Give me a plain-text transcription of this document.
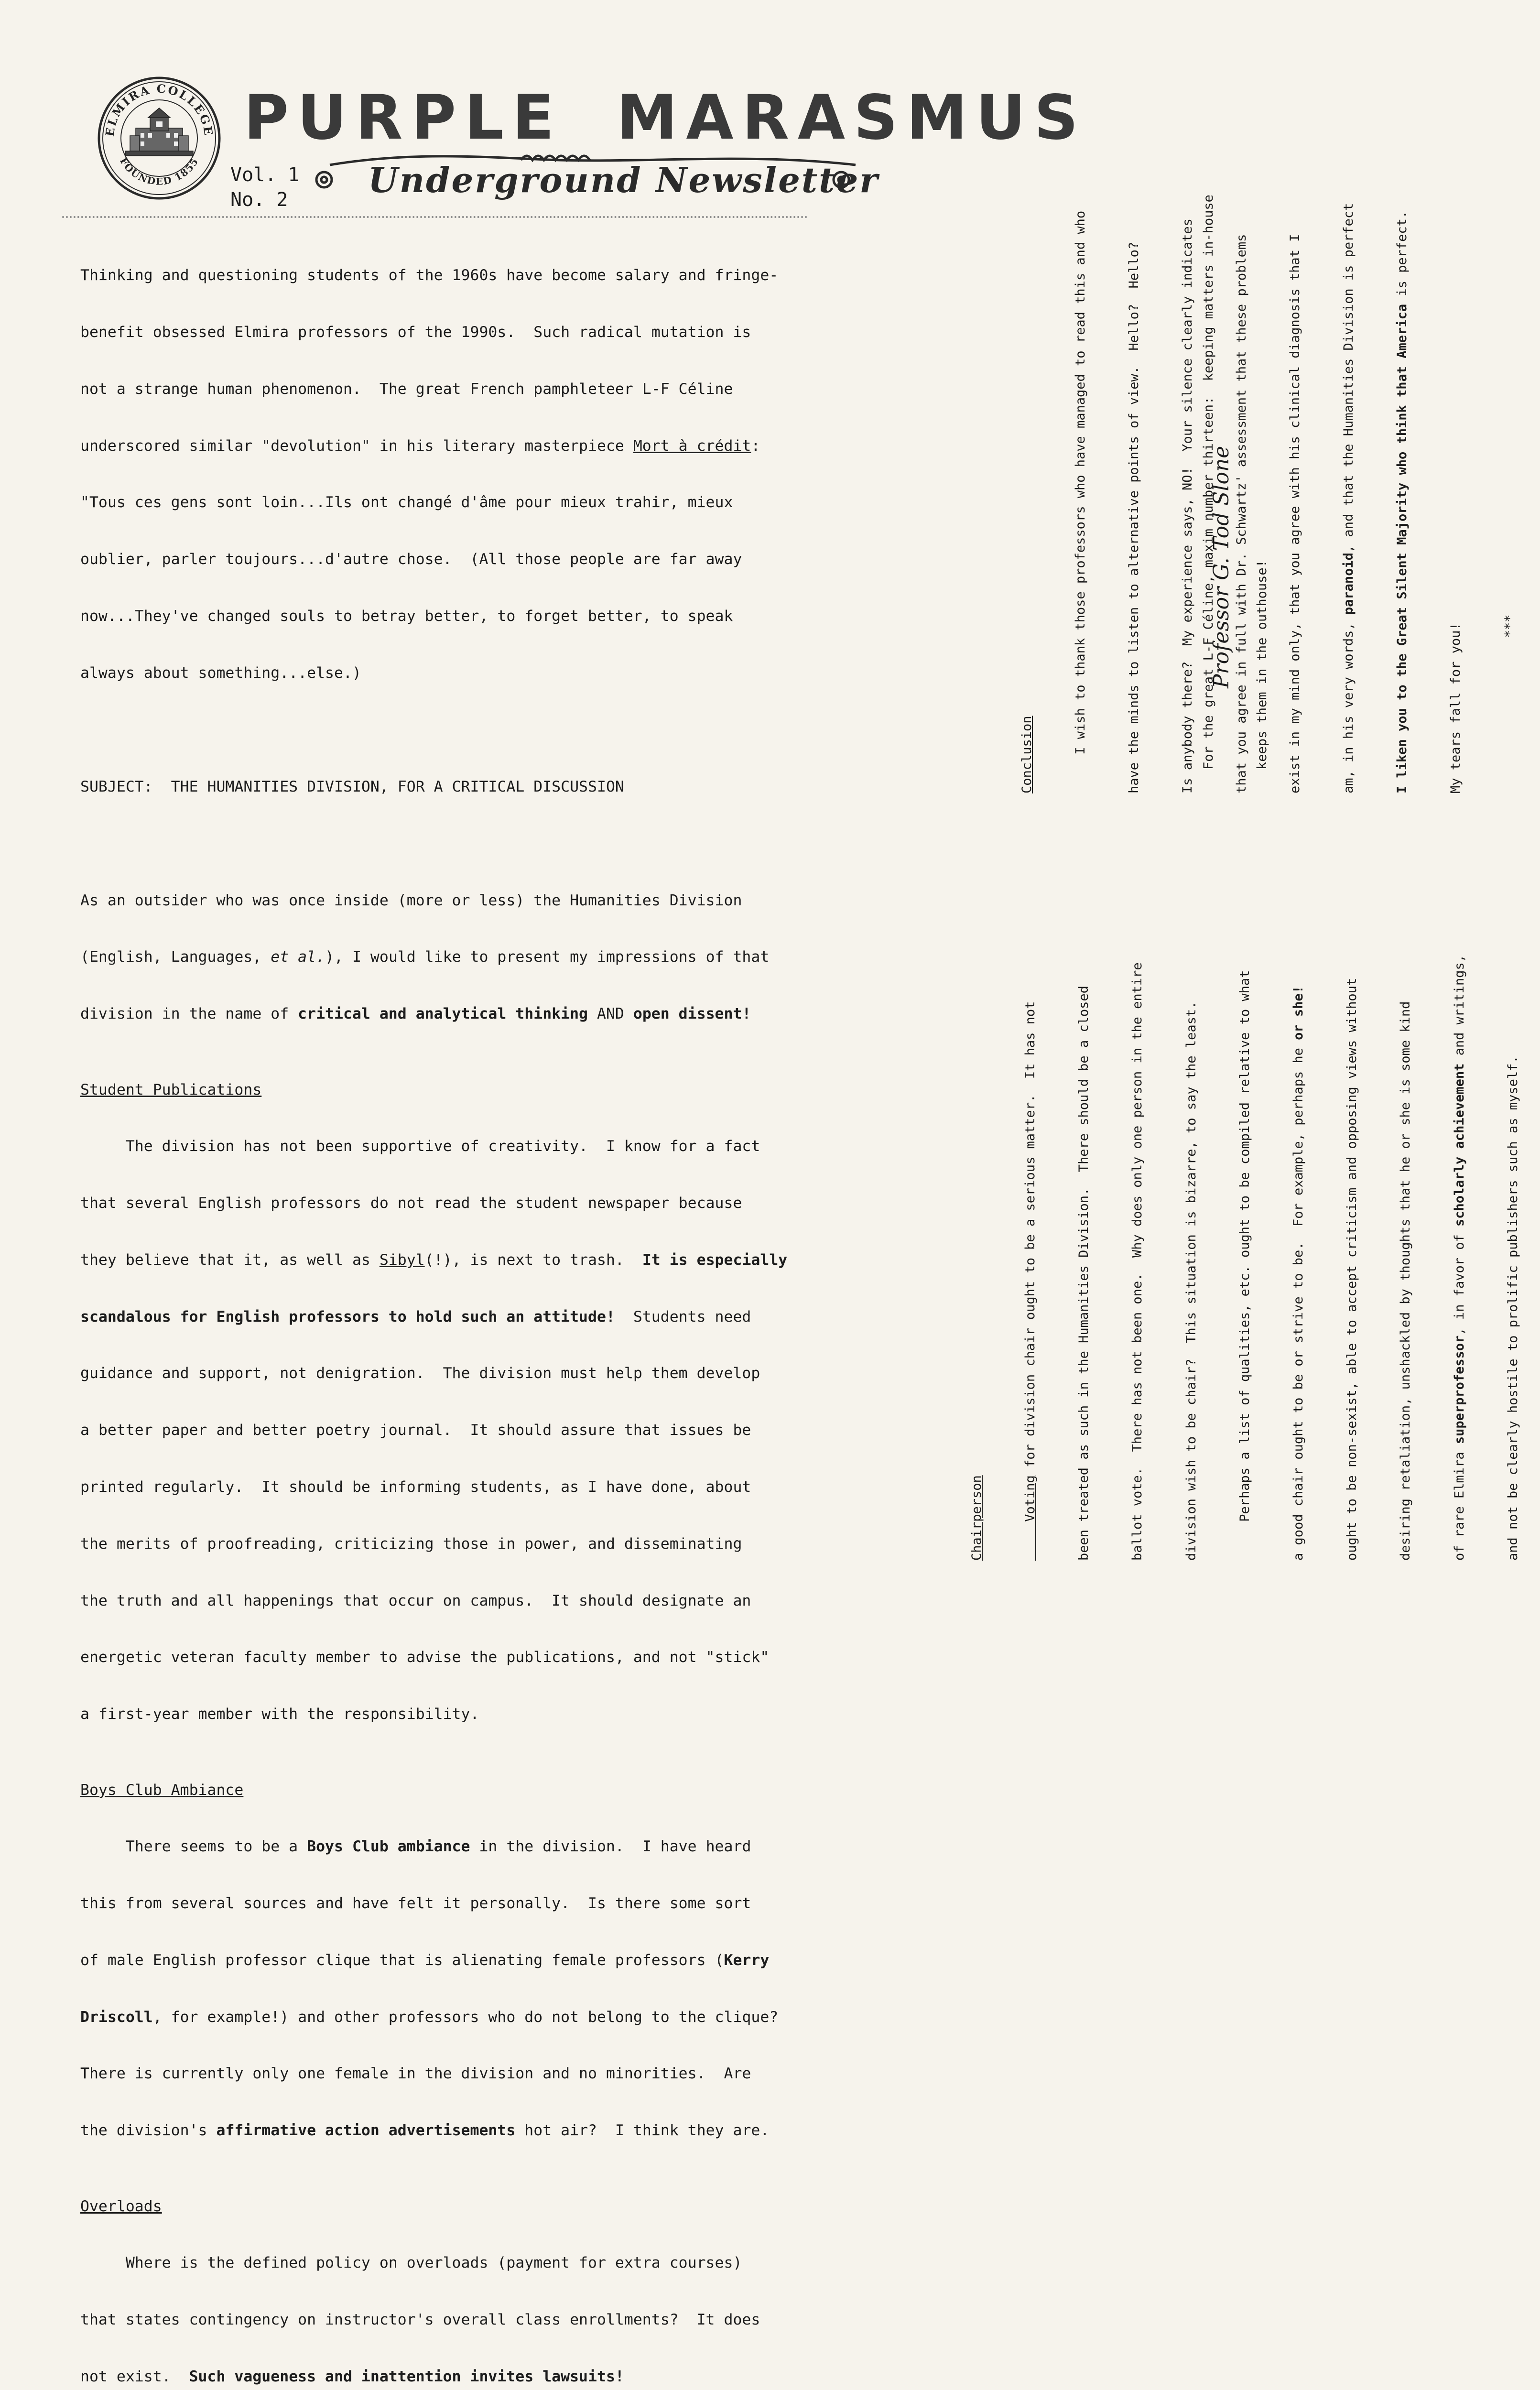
ELMIRA COLLEGE
FOUNDED 1855
PURPLE MARASMUS
Underground Newsletter
Vol. 1
No. 2

Thinking and questioning students of the 1960s have become salary and fringe-

benefit obsessed Elmira professors of the 1990s.  Such radical mutation is

not a strange human phenomenon.  The great French pamphleteer L-F Céline

underscored similar "devolution" in his literary masterpiece Mort à crédit:

"Tous ces gens sont loin...Ils ont changé d'âme pour mieux trahir, mieux

oublier, parler toujours...d'autre chose.  (All those people are far away

now...They've changed souls to betray better, to forget better, to speak

always about something...else.)

SUBJECT:  THE HUMANITIES DIVISION, FOR A CRITICAL DISCUSSION

As an outsider who was once inside (more or less) the Humanities Division

(English, Languages, et al.), I would like to present my impressions of that

division in the name of critical and analytical thinking AND open dissent!

Student Publications

The division has not been supportive of creativity.  I know for a fact

that several English professors do not read the student newspaper because

they believe that it, as well as Sibyl(!), is next to trash.  It is especially

scandalous for English professors to hold such an attitude!  Students need

guidance and support, not denigration.  The division must help them develop

a better paper and better poetry journal.  It should assure that issues be

printed regularly.  It should be informing students, as I have done, about

the merits of proofreading, criticizing those in power, and disseminating

the truth and all happenings that occur on campus.  It should designate an

energetic veteran faculty member to advise the publications, and not "stick"

a first-year member with the responsibility.

Boys Club Ambiance

There seems to be a Boys Club ambiance in the division.  I have heard

this from several sources and have felt it personally.  Is there some sort

of male English professor clique that is alienating female professors (Kerry

Driscoll, for example!) and other professors who do not belong to the clique?

There is currently only one female in the division and no minorities.  Are

the division's affirmative action advertisements hot air?  I think they are.

Overloads

Where is the defined policy on overloads (payment for extra courses)

that states contingency on instructor's overall class enrollments?  It does

not exist.  Such vagueness and inattention invites lawsuits!

Chairperson

	Voting for division chair ought to be a serious matter.  It has not

	been treated as such in the Humanities Division.  There should be a closed

	ballot vote.  There has not been one.  Why does only one person in the entire

	division wish to be chair?  This situation is bizarre, to say the least.

	Perhaps a list of qualities, etc. ought to be compiled relative to what

	a good chair ought to be or strive to be.  For example, perhaps he or she!

	ought to be non-sexist, able to accept criticism and opposing views without

	desiring retaliation, unshackled by thoughts that he or she is some kind

	of rare Elmira superprofessor, in favor of scholarly achievement and writings,

and not be clearly hostile to prolific publishers such as myself.

Conclusion

	I wish to thank those professors who have managed to read this and who

	have the minds to listen to alternative points of view.  Hello?  Hello?

	Is anybody there?  My experience says, NO!  Your silence clearly indicates

	that you agree in full with Dr. Schwartz' assessment that these problems

	exist in my mind only, that you agree with his clinical diagnosis that I

	am, in his very words, paranoid, and that the Humanities Division is perfect

	I liken you to the Great Silent Majority who think that America is perfect.

My tears fall for you!

	***

For the great L-F Céline, maxim number thirteen:  keeping matters in-house

	keeps them in the outhouse!

Professor G. Tod Slone
